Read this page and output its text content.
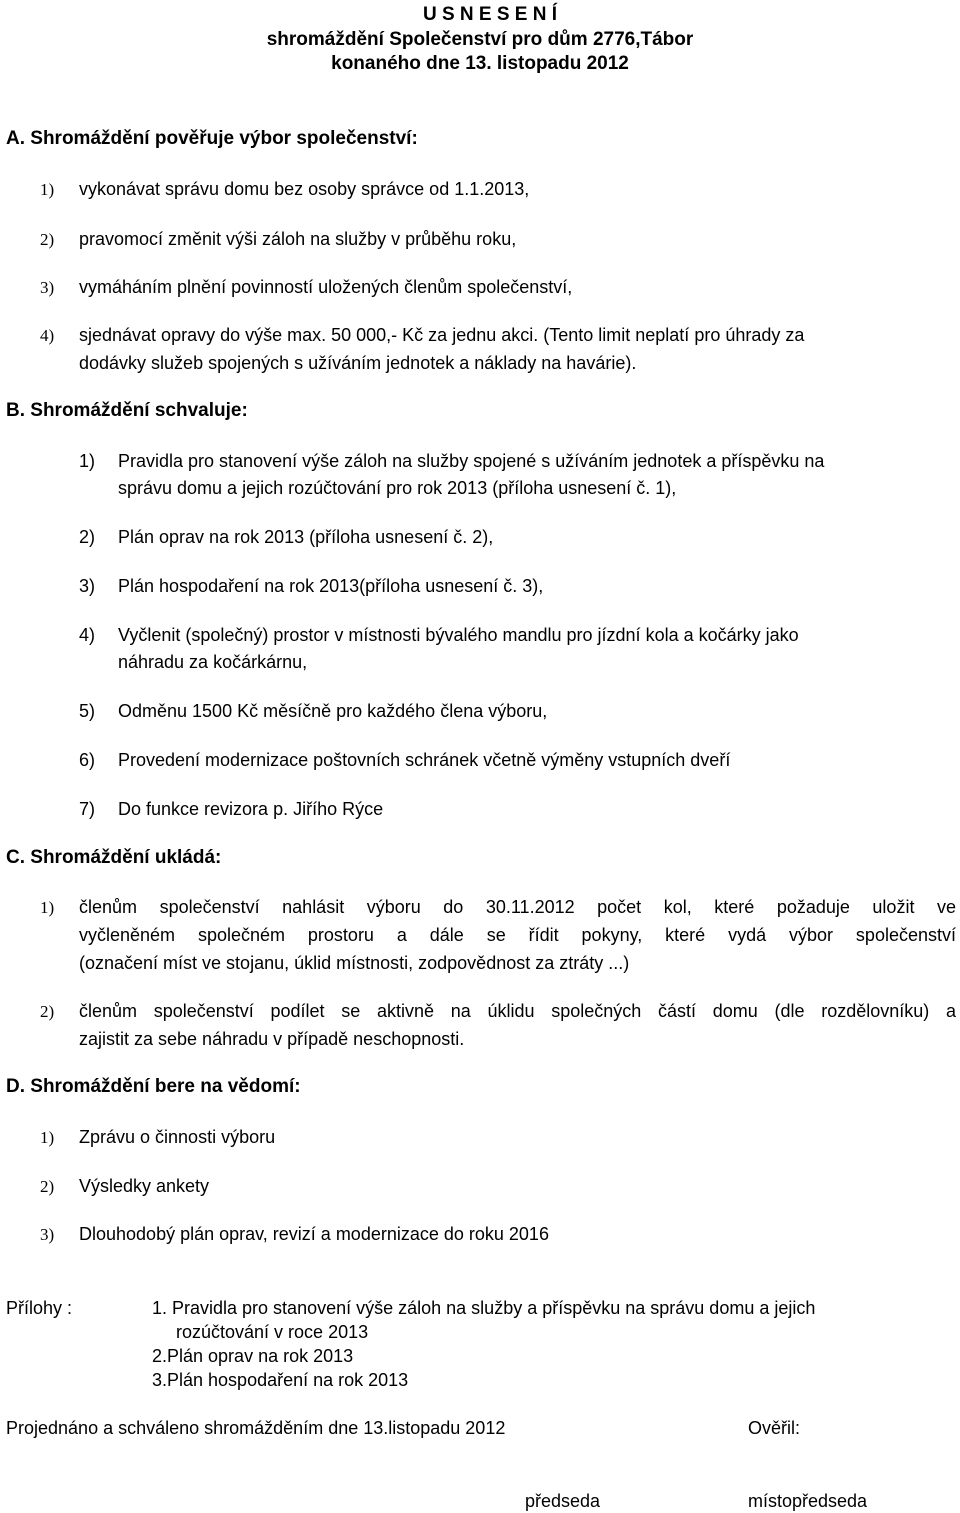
U S N E S E N Í
shromáždění Společenství pro dům 2776,Tábor
konaného dne 13. listopadu 2012
A. Shromáždění pověřuje výbor společenství:
1) vykonávat správu domu bez osoby správce od 1.1.2013,
2) pravomocí změnit výši záloh na služby v průběhu roku,
3) vymáháním plnění povinností uložených členům společenství,
4) sjednávat opravy do výše max. 50 000,- Kč za jednu akci. (Tento limit neplatí pro úhrady za
dodávky služeb spojených s užíváním jednotek a náklady na havárie).
B. Shromáždění schvaluje:
1) Pravidla pro stanovení výše záloh na služby spojené s užíváním jednotek a příspěvku na
správu domu a jejich rozúčtování pro rok 2013 (příloha usnesení č. 1),
2) Plán oprav na rok 2013 (příloha usnesení č. 2),
3) Plán hospodaření na rok 2013(příloha usnesení č. 3),
4) Vyčlenit (společný) prostor v místnosti bývalého mandlu pro jízdní kola a kočárky jako
náhradu za kočárkárnu,
5) Odměnu 1500 Kč měsíčně pro každého člena výboru,
6) Provedení modernizace poštovních schránek včetně výměny vstupních dveří
7) Do funkce revizora p. Jiřího Rýce
C. Shromáždění ukládá:
1) členům společenství nahlásit výboru do 30.11.2012 počet kol, které požaduje uložit ve
vyčleněném společném prostoru a dále se řídit pokyny, které vydá výbor společenství
(označení míst ve stojanu, úklid místnosti, zodpovědnost za ztráty ...)
2) členům společenství podílet se aktivně na úklidu společných částí domu (dle rozdělovníku) a
zajistit za sebe náhradu v případě neschopnosti.
D. Shromáždění bere na vědomí:
1) Zprávu o činnosti výboru
2) Výsledky ankety
3) Dlouhodobý plán oprav, revizí a modernizace do roku 2016
Přílohy :	1. Pravidla pro stanovení výše záloh na služby a příspěvku na správu domu a jejich
rozúčtování v roce 2013
2.Plán oprav na rok 2013
3.Plán hospodaření na rok 2013
Projednáno a schváleno shromážděním dne 13.listopadu 2012	Ověřil:
předseda	místopředseda
